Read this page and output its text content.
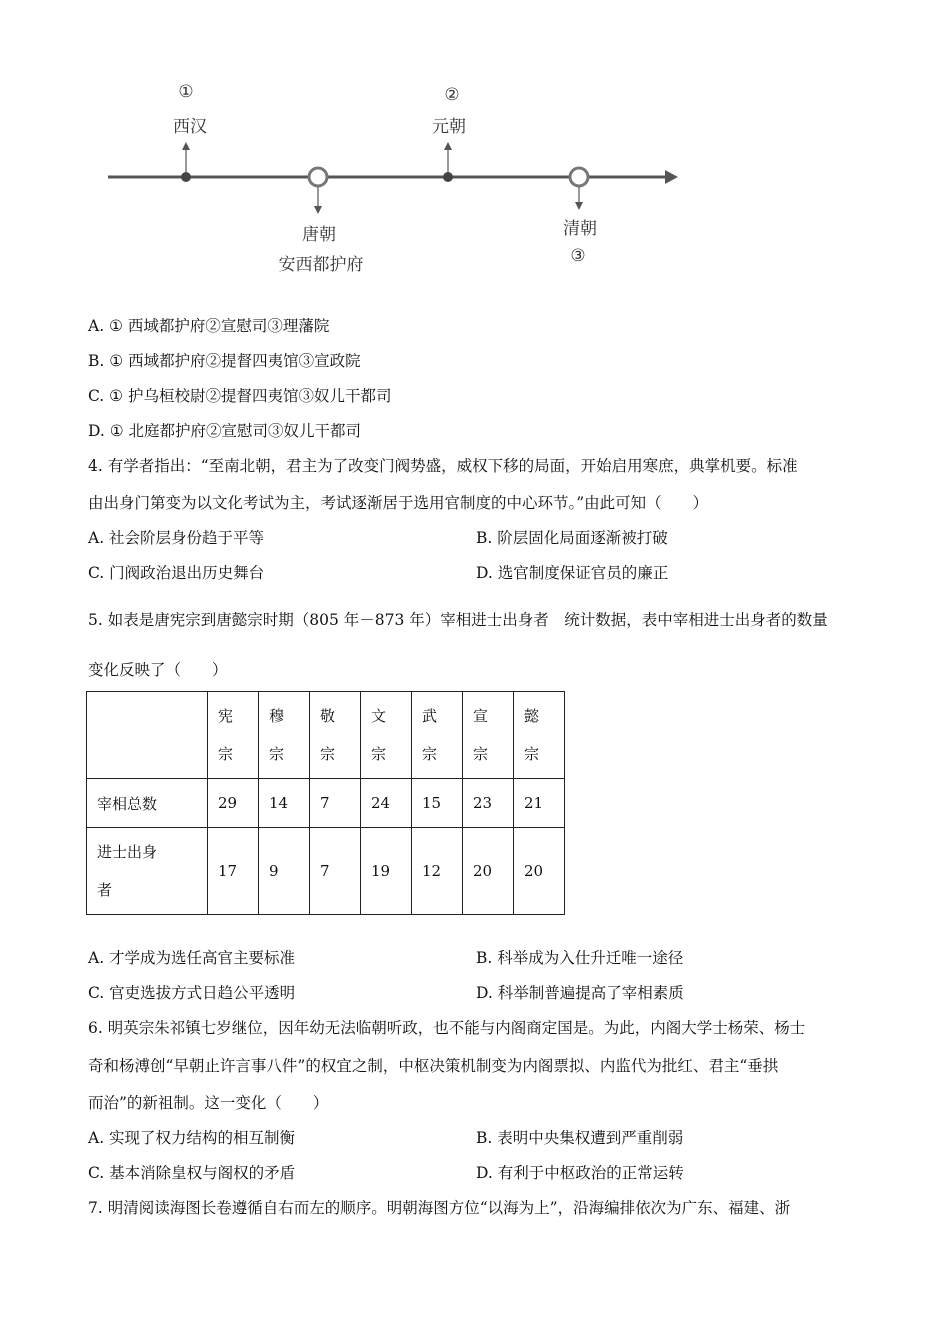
①
西汉
唐朝
安西都护府
②
元朝
清朝
③
A. ① 西域都护府②宣慰司③理藩院
B. ① 西域都护府②提督四夷馆③宣政院
C. ① 护乌桓校尉②提督四夷馆③奴儿干都司
D. ① 北庭都护府②宣慰司③奴儿干都司
4. 有学者指出：“至南北朝，君主为了改变门阀势盛，威权下移的局面，开始启用寒庶，典掌机要。标准
由出身门第变为以文化考试为主，考试逐渐居于选用官制度的中心环节。”由此可知（　　）
A. 社会阶层身份趋于平等	B. 阶层固化局面逐渐被打破
C. 门阀政治退出历史舞台	D. 选官制度保证官员的廉正
5. 如表是唐宪宗到唐懿宗时期（805 年－873 年）宰相进士出身者　统计数据，表中宰相进士出身者的数量
变化反映了（　　）

	宪
宗	穆
宗	敬
宗	文
宗	武
宗	宣
宗	懿
宗

宰相总数	29	14	7	24	15	23	21

进士出身
者	17	9	7	19	12	20	20
A. 才学成为选任高官主要标准	B. 科举成为入仕升迁唯一途径
C. 官吏选拔方式日趋公平透明	D. 科举制普遍提高了宰相素质
6. 明英宗朱祁镇七岁继位，因年幼无法临朝听政，也不能与内阁商定国是。为此，内阁大学士杨荣、杨士
奇和杨溥创“早朝止许言事八件”的权宜之制，中枢决策机制变为内阁票拟、内监代为批红、君主“垂拱
而治”的新祖制。这一变化（　　）
A. 实现了权力结构的相互制衡	B. 表明中央集权遭到严重削弱
C. 基本消除皇权与阁权的矛盾	D. 有利于中枢政治的正常运转
7. 明清阅读海图长卷遵循自右而左的顺序。明朝海图方位“以海为上”，沿海编排依次为广东、福建、浙
